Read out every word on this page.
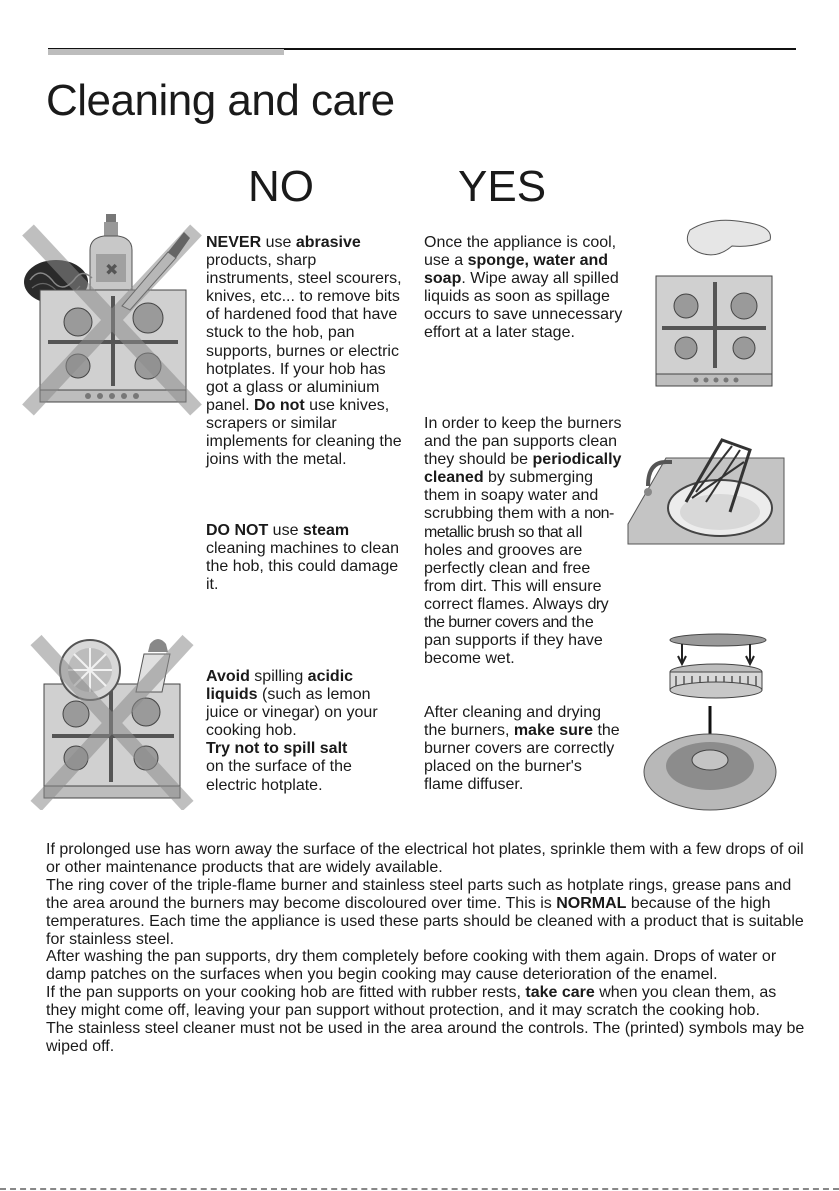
Cleaning and care
NO	YES
✖

NEVER use abrasive products, sharp instruments, steel scourers, knives, etc... to remove bits of hardened food that have stuck to the hob, pan supports, burnes or electric hotplates. If your hob has got a glass or aluminium panel. Do not use knives, scrapers or similar implements for cleaning the joins with the metal.

DO NOT use steam cleaning machines to clean the hob, this could damage it.

Avoid spilling acidic liquids (such as lemon juice or vinegar) on your cooking hob.
Try not to spill salt
on the surface of the electric hotplate.

Once the appliance is cool, use a sponge, water and soap. Wipe away all spilled liquids as soon as spillage occurs to save unnecessary effort at a later stage.

In order to keep the burners and the pan supports clean they should be periodically cleaned by submerging them in soapy water and scrubbing them with a non-metallic brush so that all holes and grooves are perfectly clean and free from dirt. This will ensure correct flames. Always dry the burner covers and the pan supports if they have become wet.

After cleaning and drying the burners, make sure the burner covers are correctly placed on the burner's flame diffuser.

If prolonged use has worn away the surface of the electrical hot plates, sprinkle them with a few drops of oil or other maintenance products that are widely available.

The ring cover of the triple-flame burner and stainless steel parts such as hotplate rings, grease pans and the area around the burners may become discoloured over time. This is NORMAL because of the high temperatures. Each time the appliance is used these parts should be cleaned with a product that is suitable for stainless steel.

After washing the pan supports, dry them completely before cooking with them again. Drops of water or damp patches on the surfaces when you begin cooking may cause deterioration of the enamel.

If the pan supports on your cooking hob are fitted with rubber rests, take care when you clean them, as they might come off, leaving your pan support without protection, and it may scratch the cooking hob.

The stainless steel cleaner must not be used in the area around the controls. The (printed) symbols may be wiped off.
